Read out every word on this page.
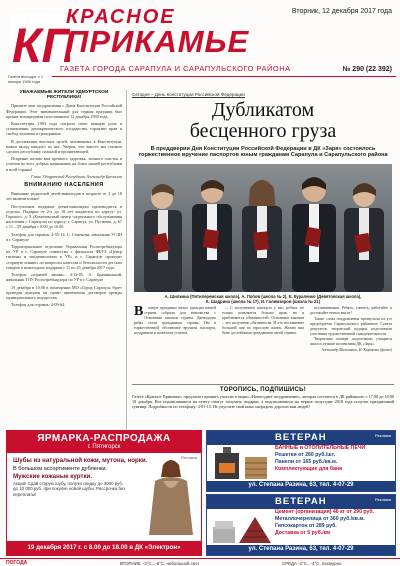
КП
КРАСНОЕ
ПРИКАМЬЕ
Вторник, 12 декабря 2017 года
ГАЗЕТА ГОРОДА САРАПУЛА И САРАПУЛЬСКОГО РАЙОНА	№ 290 (22 392)
Газета выходит с 1 января 1906 года
УВАЖАЕМЫЕ ЖИТЕЛИ УДМУРТСКОЙ РЕСПУБЛИКИ!

Примите мои поздравления с Днем Конституции Российской Федерации. Этот знаменательный для страны праздник был принят всенародным голосованием 12 декабря 1993 года.

Конституция 1993 года сыграла свою важную роль в становлении демократического государства, гарантии прав и свобод человека и гражданина.

В достижении высоких целей, заложенных в Конституции, важен вклад каждого из нас. Уверен, что вместе мы сможем сделать республику сильной и процветающей.

Искренне желаю вам крепкого здоровья, личного счастья и успехов во всех добрых начинаниях на благо нашей республики и всей страны!

Глава Удмуртской Республики Александр Бречалов

ВНИМАНИЮ НАСЕЛЕНИЯ

Внимание родителей детей-инвалидов в возрасте от 2 до 18 лет включительно!

Поступление подарков детям-инвалидам производится в отделах. Подарки от 2-х до 18 лет выдаются по адресу: ул. Горького, д. 8 (Комплексный центр социального обслуживания населения г. Сарапула) по адресу: г. Сарапул, ул. Пугачева, д. 67 с 11 – 29 декабря с 8.00 до 16.00.

Телефон для справок: 4-55-14. С. Семенова, начальник УСЗН в г. Сарапуле

Территориальное отделение Управления Роспотребнадзора по УР в г. Сарапуле совместно с филиалом ФБУЗ «Центр гигиены и эпидемиологии в УР» в г. Сарапуле проводит «горячую линию» по вопросам качества и безопасности детских товаров и новогодних подарков с 11 по 25 декабря 2017 года.

Телефон «горячей линии»: 4-12-05. А. Брамнинский, начальник ТОУ Роспотребнадзора по УР в г. Сарапуле

19 декабря в 10.00 в помещении МО «Город Сарапул» будет проведен аукцион на право заключения договоров аренды муниципального имущества.

Телефон для справок: 4-09-64.

Сегодня – День Конституции Российской Федерации
Дубликатом
бесценного груза
В преддверии Дня Конституции Российской Федерации в ДК «Заря» состоялось торжественное вручение паспортов юным гражданам Сарапула и Сарапульского района
А. Шилкина (Пятилеремская школа), А. Попов (школа № 2), Е. Кураленко (Девятовская школа),
К. Шадрина (школа № 17), И. Галимзяров (школа № 21)
В	канун праздника юных граждан нашей страны собрали для знакомства с Основным законом страны. Двенадцать ребят стали гражданами страны. Им в торжественной обстановке вручили паспорта, поздравили и пожелали успехов.

– С получением паспорта у вас, ребята, не только появляется больше прав, но и прибавляется обязанностей. Основным законом – это получение обязанности. И это несомненно большой шаг во взрослую жизнь. Желаю вам быть достойными гражданами своей страны.

воспитанников. Ребята, учитесь, работайте и достигайте новых высот!

Также слова поздравления прозвучали из уст председателя Сарапульского районного Совета депутатов, творческий подарок подготовили участники художественной самодеятельности.

Творческие номера подготовили учащиеся школ и лучшие коллективы ДК «Заря».

Александр Мальчиков. И. Корикова (фото)

ТОРОПИСЬ, ПОДПИШИСЬ!
Газета «Красное Прикамье» предлагает принять участие в акции «Новогоднее поздравление», которая состоится в ДК районного с 17.00 до 18.00 19 декабря. Все подписавшиеся на газету смогут получить подарки, а подписавшиеся на первое полугодие 2018 года получат праздничный сувенир. Подробности по телефону: 4-01-13. Не упустите свой шанс наградить дорогих вам людей!
ЯРМАРКА-РАСПРОДАЖА
г. Пятигорск
Реклама
Шубы из натуральной кожи, мутона, норки.
В большом ассортименте дубленки.
Мужские кожаные куртки.
Акция! Сдай старую шубу, получи скидку до 3000 руб. до 10 000 руб. при покупке новой шубы. Рассрочка без переплаты!
19 декабря 2017 г. с 8.00 до 18.00 в ДК «Электрон»
ВЕТЕРАН	Реклама
БАННЫЕ и ОТОПИТЕЛЬНЫЕ ПЕЧИ
Решетки от 260 руб./шт.
Панели от 165 руб./кв.м.
Комплектующие для бани
ул. Степана Разина, 63, тел. 4-07-29
ВЕТЕРАН	Реклама
Цемент (организация) 46 кг от 290 руб.
Металлочерепица от 360 руб./кв.м.
Гипсокартон от 289 руб.
Доставка от 5 руб./км
ул. Степана Разина, 63, тел. 4-07-29
ПОГОДА	ВТОРНИК, -3°С...-5°С, небольшой снег	СРЕДА -2°С...-4°С, пасмурно
